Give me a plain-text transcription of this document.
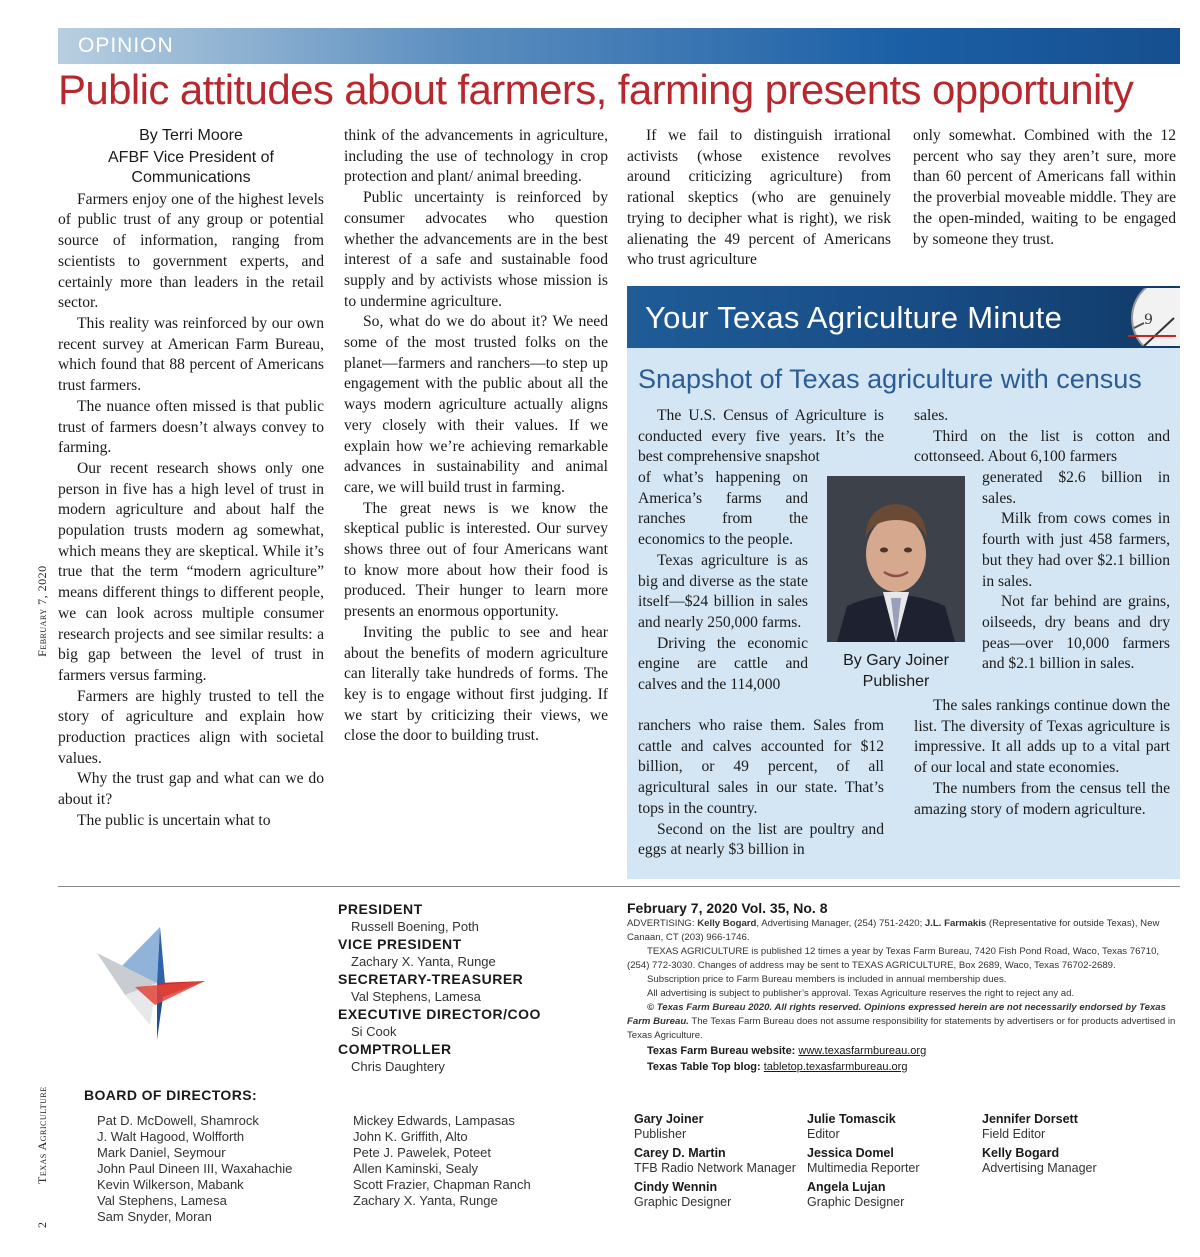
OPINION
Public attitudes about farmers, farming presents opportunity
By Terri Moore
AFBF Vice President of Communications

Farmers enjoy one of the highest levels of public trust of any group or potential source of information, ranging from scientists to government experts, and certainly more than leaders in the retail sector.

This reality was reinforced by our own recent survey at American Farm Bureau, which found that 88 percent of Americans trust farmers.

The nuance often missed is that public trust of farmers doesn’t always convey to farming.

Our recent research shows only one person in five has a high level of trust in modern agriculture and about half the population trusts modern ag somewhat, which means they are skeptical. While it’s true that the term “modern agriculture” means different things to different people, we can look across multiple consumer research projects and see similar results: a big gap between the level of trust in farmers versus farming.

Farmers are highly trusted to tell the story of agriculture and explain how production practices align with societal values.

Why the trust gap and what can we do about it?

The public is uncertain what to

think of the advancements in agriculture, including the use of technology in crop protection and plant/ animal breeding.

Public uncertainty is reinforced by consumer advocates who question whether the advancements are in the best interest of a safe and sustainable food supply and by activists whose mission is to undermine agriculture.

So, what do we do about it? We need some of the most trusted folks on the planet—farmers and ranchers—to step up engagement with the public about all the ways modern agriculture actually aligns very closely with their values. If we explain how we’re achieving remarkable advances in sustainability and animal care, we will build trust in farming.

The great news is we know the skeptical public is interested. Our survey shows three out of four Americans want to know more about how their food is produced. Their hunger to learn more presents an enormous opportunity.

Inviting the public to see and hear about the benefits of modern agriculture can literally take hundreds of forms. The key is to engage without first judging. If we start by criticizing their views, we close the door to building trust.

If we fail to distinguish irrational activists (whose existence revolves around criticizing agriculture) from rational skeptics (who are genuinely trying to decipher what is right), we risk alienating the 49 percent of Americans who trust agriculture

only somewhat. Combined with the 12 percent who say they aren’t sure, more than 60 percent of Americans fall within the proverbial moveable middle. They are the open-minded, waiting to be engaged by someone they trust.

Your Texas Agriculture Minute	9
Snapshot of Texas agriculture with census

The U.S. Census of Agriculture is conducted every five years. It’s the best comprehensive snapshot

of what’s happening on America’s farms and ranches from the economics to the people.

Texas agriculture is as big and diverse as the state itself—$24 billion in sales and nearly 250,000 farms.

Driving the economic engine are cattle and calves and the 114,000

ranchers who raise them. Sales from cattle and calves accounted for $12 billion, or 49 percent, of all agricultural sales in our state. That’s tops in the country.

Second on the list are poultry and eggs at nearly $3 billion in

sales.

Third on the list is cotton and cottonseed. About 6,100 farmers

generated $2.6 billion in sales.

Milk from cows comes in fourth with just 458 farmers, but they had over $2.1 billion in sales.

Not far behind are grains, oilseeds, dry beans and dry peas—over 10,000 farmers and $2.1 billion in sales.

The sales rankings continue down the list. The diversity of Texas agriculture is impressive. It all adds up to a vital part of our local and state economies.

The numbers from the census tell the amazing story of modern agriculture.

By Gary Joiner
Publisher
2 Texas Agriculture February 7, 2020
PRESIDENT
Russell Boening, Poth
VICE PRESIDENT
Zachary X. Yanta, Runge
SECRETARY-TREASURER
Val Stephens, Lamesa
EXECUTIVE DIRECTOR/COO
Si Cook
COMPTROLLER
Chris Daughtery
February 7, 2020 Vol. 35, No. 8

ADVERTISING: Kelly Bogard, Advertising Manager, (254) 751-2420; J.L. Farmakis (Representative for outside Texas), New Canaan, CT (203) 966-1746.

TEXAS AGRICULTURE is published 12 times a year by Texas Farm Bureau, 7420 Fish Pond Road, Waco, Texas 76710, (254) 772-3030. Changes of address may be sent to TEXAS AGRICULTURE, Box 2689, Waco, Texas 76702-2689.

Subscription price to Farm Bureau members is included in annual membership dues.

All advertising is subject to publisher’s approval. Texas Agriculture reserves the right to reject any ad.

© Texas Farm Bureau 2020. All rights reserved. Opinions expressed herein are not necessarily endorsed by Texas Farm Bureau. The Texas Farm Bureau does not assume responsibility for statements by advertisers or for products advertised in Texas Agriculture.

Texas Farm Bureau website: www.texasfarmbureau.org
Texas Table Top blog: tabletop.texasfarmbureau.org
BOARD OF DIRECTORS:
Pat D. McDowell, Shamrock
J. Walt Hagood, Wolfforth
Mark Daniel, Seymour
John Paul Dineen III, Waxahachie
Kevin Wilkerson, Mabank
Val Stephens, Lamesa
Sam Snyder, Moran
Mickey Edwards, Lampasas
John K. Griffith, Alto
Pete J. Pawelek, Poteet
Allen Kaminski, Sealy
Scott Frazier, Chapman Ranch
Zachary X. Yanta, Runge
Gary Joiner
Publisher
Carey D. Martin
TFB Radio Network Manager
Cindy Wennin
Graphic Designer
Julie Tomascik
Editor
Jessica Domel
Multimedia Reporter
Angela Lujan
Graphic Designer
Jennifer Dorsett
Field Editor
Kelly Bogard
Advertising Manager
